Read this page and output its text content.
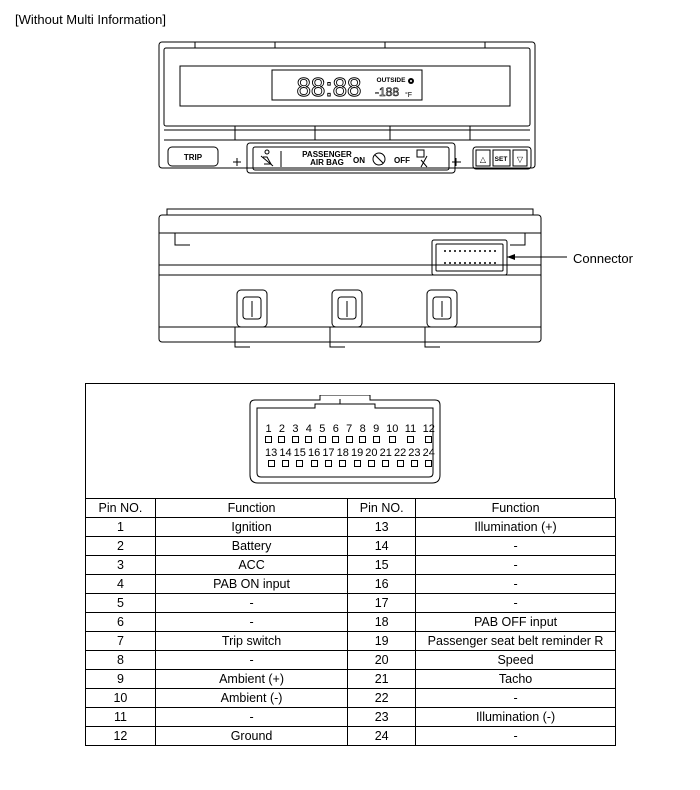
[Without Multi Information]
88:88 OUTSIDE
-188 °F
TRIP	PASSENGER
AIR BAG ON	OFF	△ SET ▽
Connector
1 2 3 4 5 6 7 8 9 10 11 12
13 14 15 16 17 18 19 20 21 22 23 24
Pin NO.	Function	Pin NO.	Function
1	Ignition	13	Illumination (+)
2	Battery	14	-
3	ACC	15	-
4	PAB ON input	16	-
5	-	17	-
6	-	18	PAB OFF input
7	Trip switch	19	Passenger seat belt reminder R
8	-	20	Speed
9	Ambient (+)	21	Tacho
10	Ambient (-)	22	-
11	-	23	Illumination (-)
12	Ground	24	-
